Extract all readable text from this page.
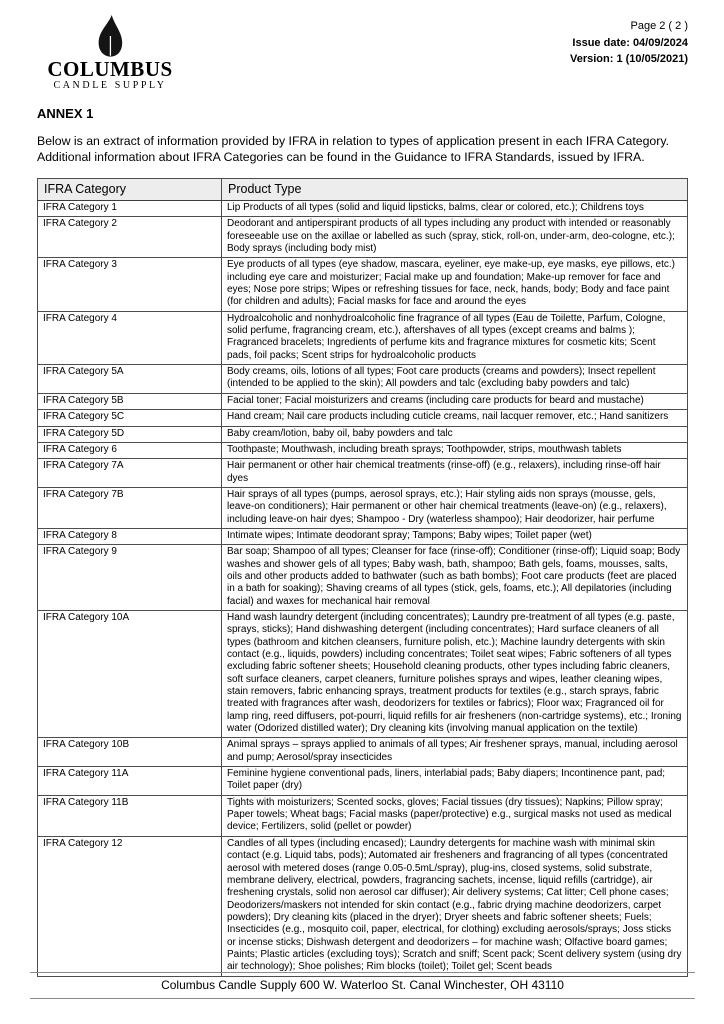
COLUMBUS
CANDLE SUPPLY
Page 2 ( 2 )
Issue date: 04/09/2024
Version: 1 (10/05/2021)
ANNEX 1

Below is an extract of information provided by IFRA in relation to types of application present in each IFRA Category. Additional information about IFRA Categories can be found in the Guidance to IFRA Standards, issued by IFRA.

IFRA Category	Product Type
IFRA Category 1	Lip Products of all types (solid and liquid lipsticks, balms, clear or colored, etc.); Childrens toys
IFRA Category 2	Deodorant and antiperspirant products of all types including any product with intended or reasonably foreseeable use on the axillae or labelled as such (spray, stick, roll-on, under-arm, deo-cologne, etc.); Body sprays (including body mist)
IFRA Category 3	Eye products of all types (eye shadow, mascara, eyeliner, eye make-up, eye masks, eye pillows, etc.) including eye care and moisturizer; Facial make up and foundation; Make-up remover for face and eyes; Nose pore strips; Wipes or refreshing tissues for face, neck, hands, body; Body and face paint (for children and adults); Facial masks for face and around the eyes
IFRA Category 4	Hydroalcoholic and nonhydroalcoholic fine fragrance of all types (Eau de Toilette, Parfum, Cologne, solid perfume, fragrancing cream, etc.), aftershaves of all types (except creams and balms ); Fragranced bracelets; Ingredients of perfume kits and fragrance mixtures for cosmetic kits; Scent pads, foil packs; Scent strips for hydroalcoholic products
IFRA Category 5A	Body creams, oils, lotions of all types; Foot care products (creams and powders); Insect repellent (intended to be applied to the skin); All powders and talc (excluding baby powders and talc)
IFRA Category 5B	Facial toner; Facial moisturizers and creams (including care products for beard and mustache)
IFRA Category 5C	Hand cream; Nail care products including cuticle creams, nail lacquer remover, etc.; Hand sanitizers
IFRA Category 5D	Baby cream/lotion, baby oil, baby powders and talc
IFRA Category 6	Toothpaste; Mouthwash, including breath sprays; Toothpowder, strips, mouthwash tablets
IFRA Category 7A	Hair permanent or other hair chemical treatments (rinse-off) (e.g., relaxers), including rinse-off hair dyes
IFRA Category 7B	Hair sprays of all types (pumps, aerosol sprays, etc.); Hair styling aids non sprays (mousse, gels, leave-on conditioners); Hair permanent or other hair chemical treatments (leave-on) (e.g., relaxers), including leave-on hair dyes; Shampoo - Dry (waterless shampoo); Hair deodorizer, hair perfume
IFRA Category 8	Intimate wipes; Intimate deodorant spray; Tampons; Baby wipes; Toilet paper (wet)
IFRA Category 9	Bar soap; Shampoo of all types; Cleanser for face (rinse-off); Conditioner (rinse-off); Liquid soap; Body washes and shower gels of all types; Baby wash, bath, shampoo; Bath gels, foams, mousses, salts, oils and other products added to bathwater (such as bath bombs); Foot care products (feet are placed in a bath for soaking); Shaving creams of all types (stick, gels, foams, etc.); All depilatories (including facial) and waxes for mechanical hair removal
IFRA Category 10A	Hand wash laundry detergent (including concentrates); Laundry pre-treatment of all types (e.g. paste, sprays, sticks); Hand dishwashing detergent (including concentrates); Hard surface cleaners of all types (bathroom and kitchen cleansers, furniture polish, etc.); Machine laundry detergents with skin contact (e.g., liquids, powders) including concentrates; Toilet seat wipes; Fabric softeners of all types excluding fabric softener sheets; Household cleaning products, other types including fabric cleaners, soft surface cleaners, carpet cleaners, furniture polishes sprays and wipes, leather cleaning wipes, stain removers, fabric enhancing sprays, treatment products for textiles (e.g., starch sprays, fabric treated with fragrances after wash, deodorizers for textiles or fabrics); Floor wax; Fragranced oil for lamp ring, reed diffusers, pot-pourri, liquid refills for air fresheners (non-cartridge systems), etc.; Ironing water (Odorized distilled water); Dry cleaning kits (involving manual application on the textile)
IFRA Category 10B	Animal sprays – sprays applied to animals of all types; Air freshener sprays, manual, including aerosol and pump; Aerosol/spray insecticides
IFRA Category 11A	Feminine hygiene conventional pads, liners, interlabial pads; Baby diapers; Incontinence pant, pad; Toilet paper (dry)
IFRA Category 11B	Tights with moisturizers; Scented socks, gloves; Facial tissues (dry tissues); Napkins; Pillow spray; Paper towels; Wheat bags; Facial masks (paper/protective) e.g., surgical masks not used as medical device; Fertilizers, solid (pellet or powder)
IFRA Category 12	Candles of all types (including encased); Laundry detergents for machine wash with minimal skin contact (e.g. Liquid tabs, pods); Automated air fresheners and fragrancing of all types (concentrated aerosol with metered doses (range 0.05-0.5mL/spray), plug-ins, closed systems, solid substrate, membrane delivery, electrical, powders, fragrancing sachets, incense, liquid refills (cartridge), air freshening crystals, solid non aerosol car diffuser); Air delivery systems; Cat litter; Cell phone cases; Deodorizers/maskers not intended for skin contact (e.g., fabric drying machine deodorizers, carpet powders); Dry cleaning kits (placed in the dryer); Dryer sheets and fabric softener sheets; Fuels; Insecticides (e.g., mosquito coil, paper, electrical, for clothing) excluding aerosols/sprays; Joss sticks or incense sticks; Dishwash detergent and deodorizers – for machine wash; Olfactive board games; Paints; Plastic articles (excluding toys); Scratch and sniff; Scent pack; Scent delivery system (using dry air technology); Shoe polishes; Rim blocks (toilet); Toilet gel; Scent beads
Columbus Candle Supply 600 W. Waterloo St. Canal Winchester, OH 43110
